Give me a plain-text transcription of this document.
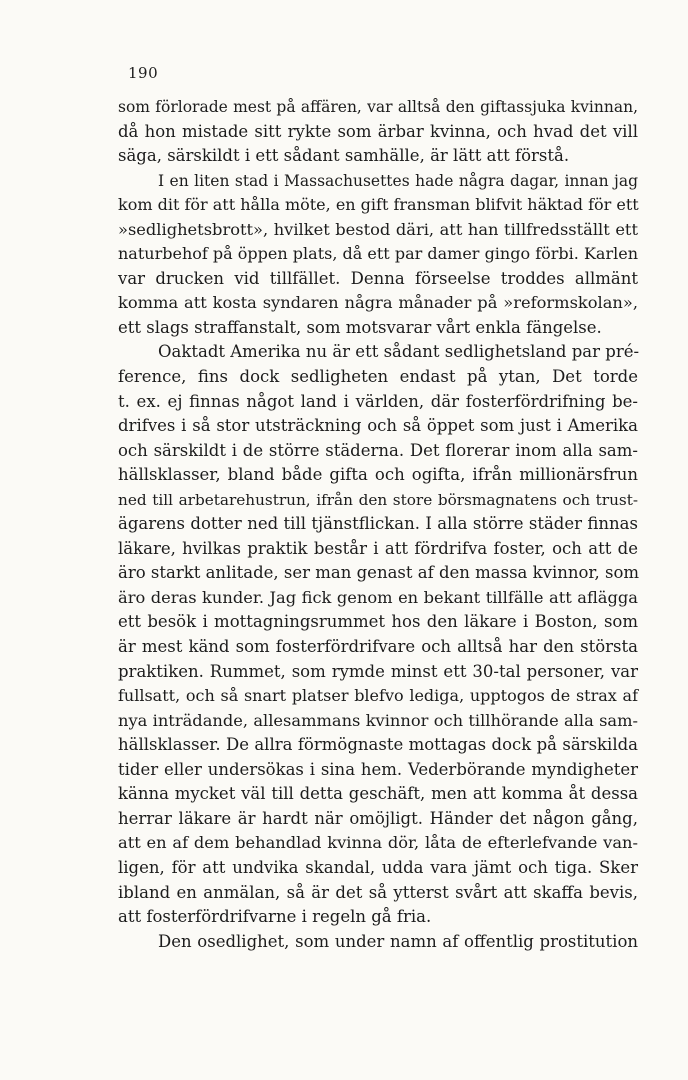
190
som förlorade mest på affären, var alltså den giftassjuka kvinnan,
då hon mistade sitt rykte som ärbar kvinna, och hvad det vill
säga, särskildt i ett sådant samhälle, är lätt att förstå.
I en liten stad i Massachusettes hade några dagar, innan jag
kom dit för att hålla möte, en gift fransman blifvit häktad för ett
»sedlighetsbrott», hvilket bestod däri, att han tillfredsställt ett
naturbehof på öppen plats, då ett par damer gingo förbi. Karlen
var drucken vid tillfället. Denna förseelse troddes allmänt
komma att kosta syndaren några månader på »reformskolan»,
ett slags straffanstalt, som motsvarar vårt enkla fängelse.
Oaktadt Amerika nu är ett sådant sedlighetsland par pré-
ference, fins dock sedligheten endast på ytan, Det torde
t. ex. ej finnas något land i världen, där fosterfördrifning be-
drifves i så stor utsträckning och så öppet som just i Amerika
och särskildt i de större städerna. Det florerar inom alla sam-
hällsklasser, bland både gifta och ogifta, ifrån millionärsfrun
ned till arbetarehustrun, ifrån den store börsmagnatens och trust-
ägarens dotter ned till tjänstflickan. I alla större städer finnas
läkare, hvilkas praktik består i att fördrifva foster, och att de
äro starkt anlitade, ser man genast af den massa kvinnor, som
äro deras kunder. Jag fick genom en bekant tillfälle att aflägga
ett besök i mottagningsrummet hos den läkare i Boston, som
är mest känd som fosterfördrifvare och alltså har den största
praktiken. Rummet, som rymde minst ett 30-tal personer, var
fullsatt, och så snart platser blefvo lediga, upptogos de strax af
nya inträdande, allesammans kvinnor och tillhörande alla sam-
hällsklasser. De allra förmögnaste mottagas dock på särskilda
tider eller undersökas i sina hem. Vederbörande myndigheter
känna mycket väl till detta geschäft, men att komma åt dessa
herrar läkare är hardt när omöjligt. Händer det någon gång,
att en af dem behandlad kvinna dör, låta de efterlefvande van-
ligen, för att undvika skandal, udda vara jämt och tiga. Sker
ibland en anmälan, så är det så ytterst svårt att skaffa bevis,
att fosterfördrifvarne i regeln gå fria.
Den osedlighet, som under namn af offentlig prostitution
